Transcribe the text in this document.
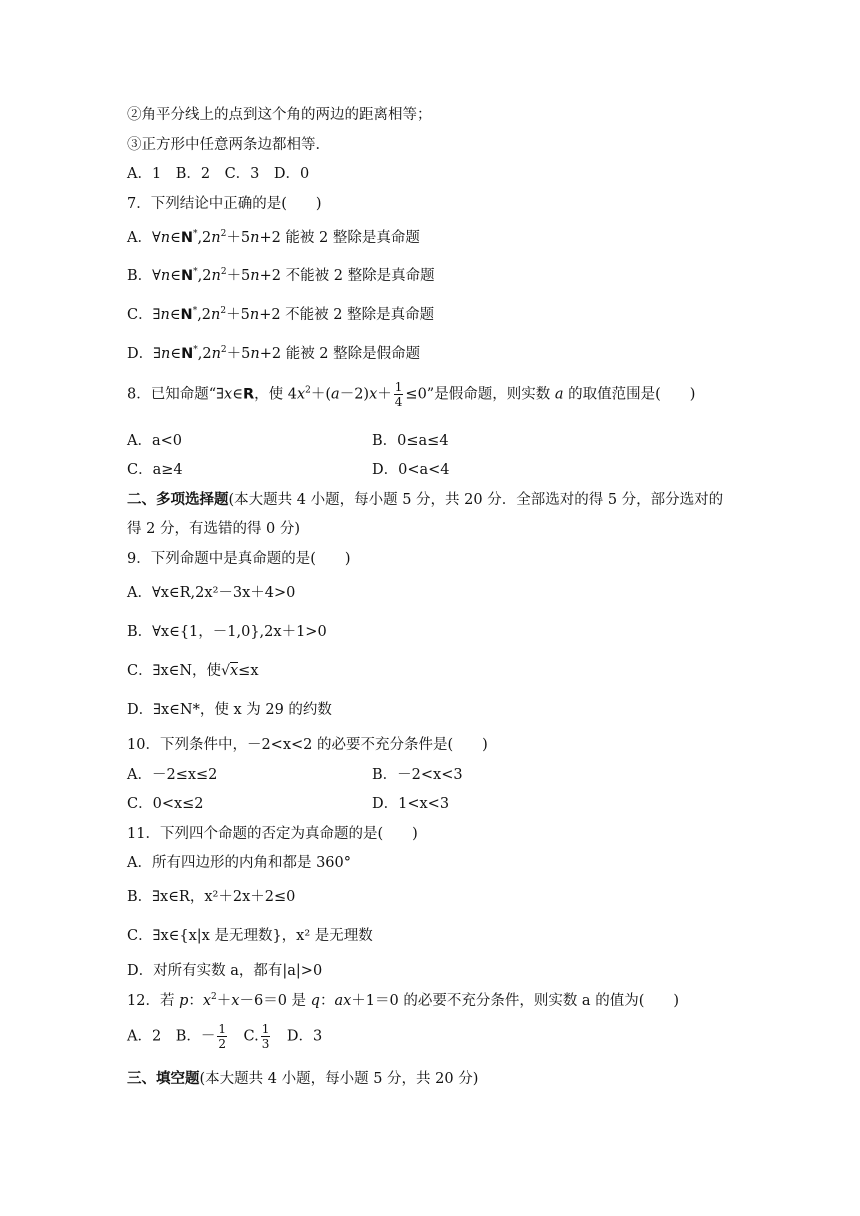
②角平分线上的点到这个角的两边的距离相等；
③正方形中任意两条边都相等．
A．1　B．2　C．3　D．0
7．下列结论中正确的是(　　)
A．$\forall n\in N^*,2n^2+5n+2$ 能被 2 整除是真命题
B．$\forall n\in N^*,2n^2+5n+2$ 不能被 2 整除是真命题
C．$\exists n\in N^*,2n^2+5n+2$ 不能被 2 整除是真命题
D．$\exists n\in N^*,2n^2+5n+2$ 能被 2 整除是假命题
8．已知命题“∃x∈R，使 $4x^2+(a-2)x+ \frac{1}{4} \le 0$”是假命题，则实数 a 的取值范围是(　　)
A．a<0	B．0≤a≤4
C．a≥4	D．0<a<4
二、多项选择题(本大题共 4 小题，每小题 5 分，共 20 分．全部选对的得 5 分，部分选对的
得 2 分，有选错的得 0 分)
9．下列命题中是真命题的是(　　)
A．∀x∈R,2x²－3x＋4>0
B．∀x∈{1，－1,0},2x＋1>0
C．∃x∈N，使√x≤x
D．∃x∈N*，使 x 为 29 的约数
10．下列条件中，－2<x<2 的必要不充分条件是(　　)
A．－2≤x≤2	B．－2<x<3
C．0<x≤2	D．1<x<3
11．下列四个命题的否定为真命题的是(　　)
A．所有四边形的内角和都是 360°
B．∃x∈R，x²＋2x＋2≤0
C．∃x∈{x|x 是无理数}，x² 是无理数
D．对所有实数 a，都有|a|>0
12．若 p：$x^2+x-6=0$ 是 q：ax＋1＝0 的必要不充分条件，则实数 a 的值为(　　)
A．2　B．－ $\frac{1}{2}$
　 C. $\frac{1}{3}$
　 D．3
三、填空题(本大题共 4 小题，每小题 5 分，共 20 分)
